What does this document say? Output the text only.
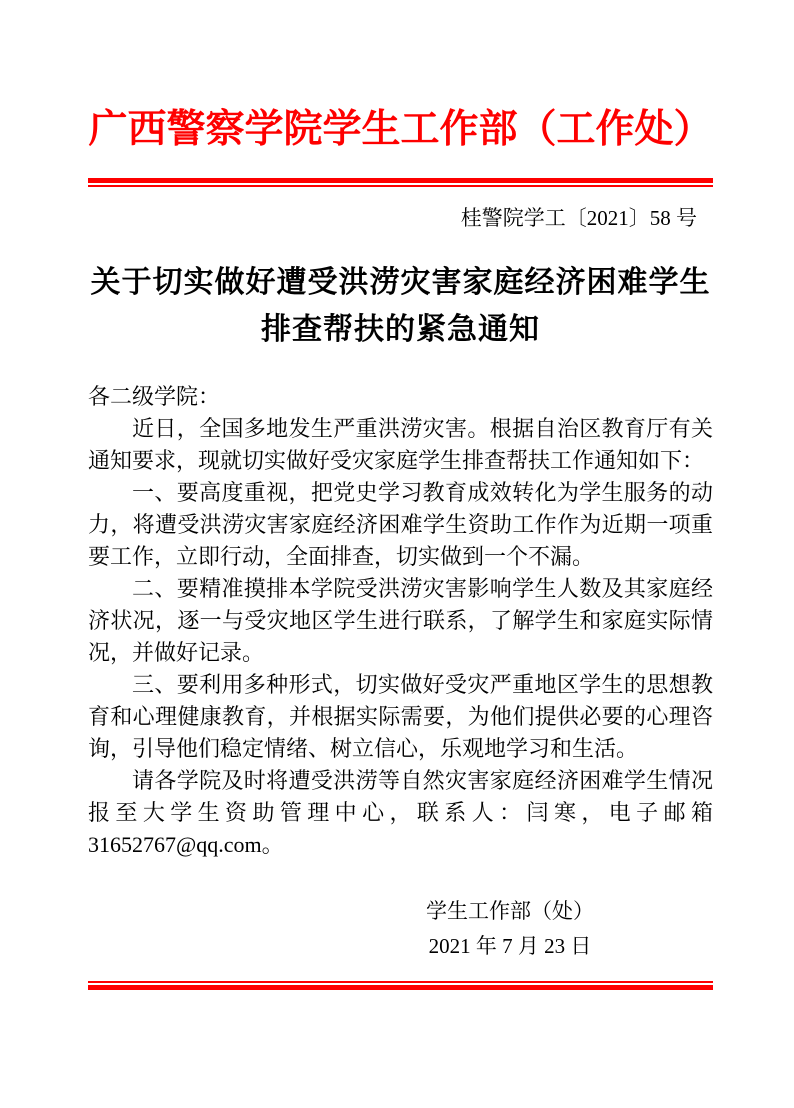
广西警察学院学生工作部（工作处）
桂警院学工〔2021〕58 号
关于切实做好遭受洪涝灾害家庭经济困难学生
排查帮扶的紧急通知

各二级学院：

近日，全国多地发生严重洪涝灾害。根据自治区教育厅有关通知要求，现就切实做好受灾家庭学生排查帮扶工作通知如下：

一、要高度重视，把党史学习教育成效转化为学生服务的动力，将遭受洪涝灾害家庭经济困难学生资助工作作为近期一项重要工作，立即行动，全面排查，切实做到一个不漏。

二、要精准摸排本学院受洪涝灾害影响学生人数及其家庭经济状况，逐一与受灾地区学生进行联系，了解学生和家庭实际情况，并做好记录。

三、要利用多种形式，切实做好受灾严重地区学生的思想教育和心理健康教育，并根据实际需要，为他们提供必要的心理咨询，引导他们稳定情绪、树立信心，乐观地学习和生活。

请各学院及时将遭受洪涝等自然灾害家庭经济困难学生情况报至大学生资助管理中心，联系人：闫寒，电子邮箱31652767@qq.com。

学生工作部（处）
2021 年 7 月 23 日
